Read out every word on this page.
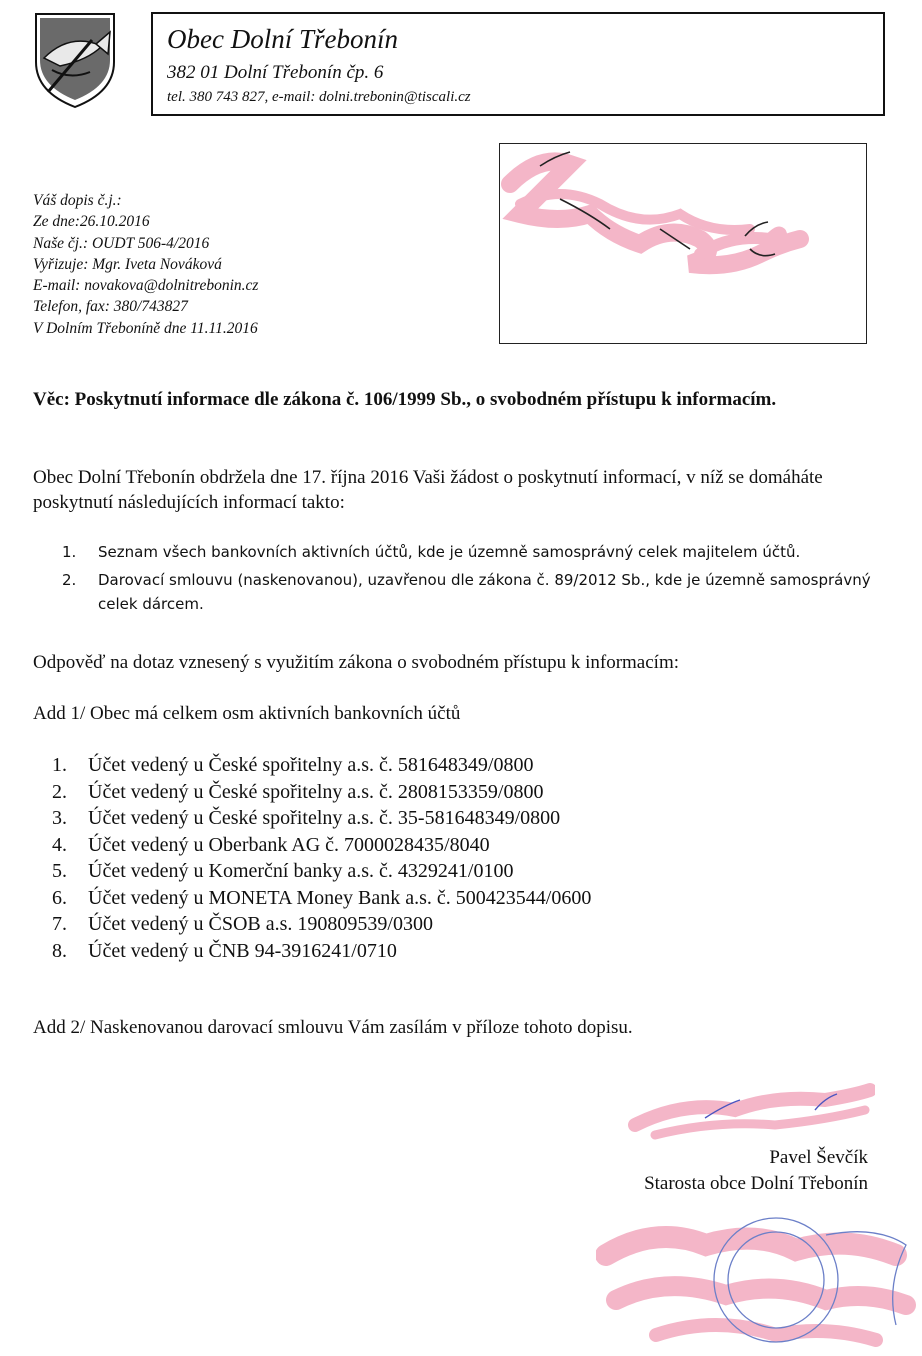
Obec Dolní Třebonín
382 01 Dolní Třebonín čp. 6
tel. 380 743 827, e-mail: dolni.trebonin@tiscali.cz
Váš dopis č.j.:
Ze dne:26.10.2016
Naše čj.: OUDT 506-4/2016
Vyřizuje: Mgr. Iveta Nováková
E-mail: novakova@dolnitrebonin.cz
Telefon, fax: 380/743827
V Dolním Třeboníně dne 11.11.2016
Věc: Poskytnutí informace dle zákona č. 106/1999 Sb., o svobodném přístupu k informacím.
Obec Dolní Třebonín obdržela dne 17. října 2016 Vaši žádost o poskytnutí informací, v níž se domáháte poskytnutí následujících informací takto:
1. Seznam všech bankovních aktivních účtů, kde je územně samosprávný celek majitelem účtů.
2. Darovací smlouvu (naskenovanou), uzavřenou dle zákona č. 89/2012 Sb., kde je územně samosprávný celek dárcem.
Odpověď na dotaz vznesený s využitím zákona o svobodném přístupu k informacím:
Add 1/ Obec má celkem osm aktivních bankovních účtů
1. Účet vedený u České spořitelny a.s. č. 581648349/0800
2. Účet vedený u České spořitelny a.s. č. 2808153359/0800
3. Účet vedený u České spořitelny a.s. č. 35-581648349/0800
4. Účet vedený u Oberbank AG č. 7000028435/8040
5. Účet vedený u Komerční banky a.s. č. 4329241/0100
6. Účet vedený u MONETA Money Bank a.s. č. 500423544/0600
7. Účet vedený u ČSOB a.s. 190809539/0300
8. Účet vedený u ČNB 94-3916241/0710
Add 2/ Naskenovanou darovací smlouvu Vám zasílám v příloze tohoto dopisu.
Pavel Ševčík
Starosta obce Dolní Třebonín
